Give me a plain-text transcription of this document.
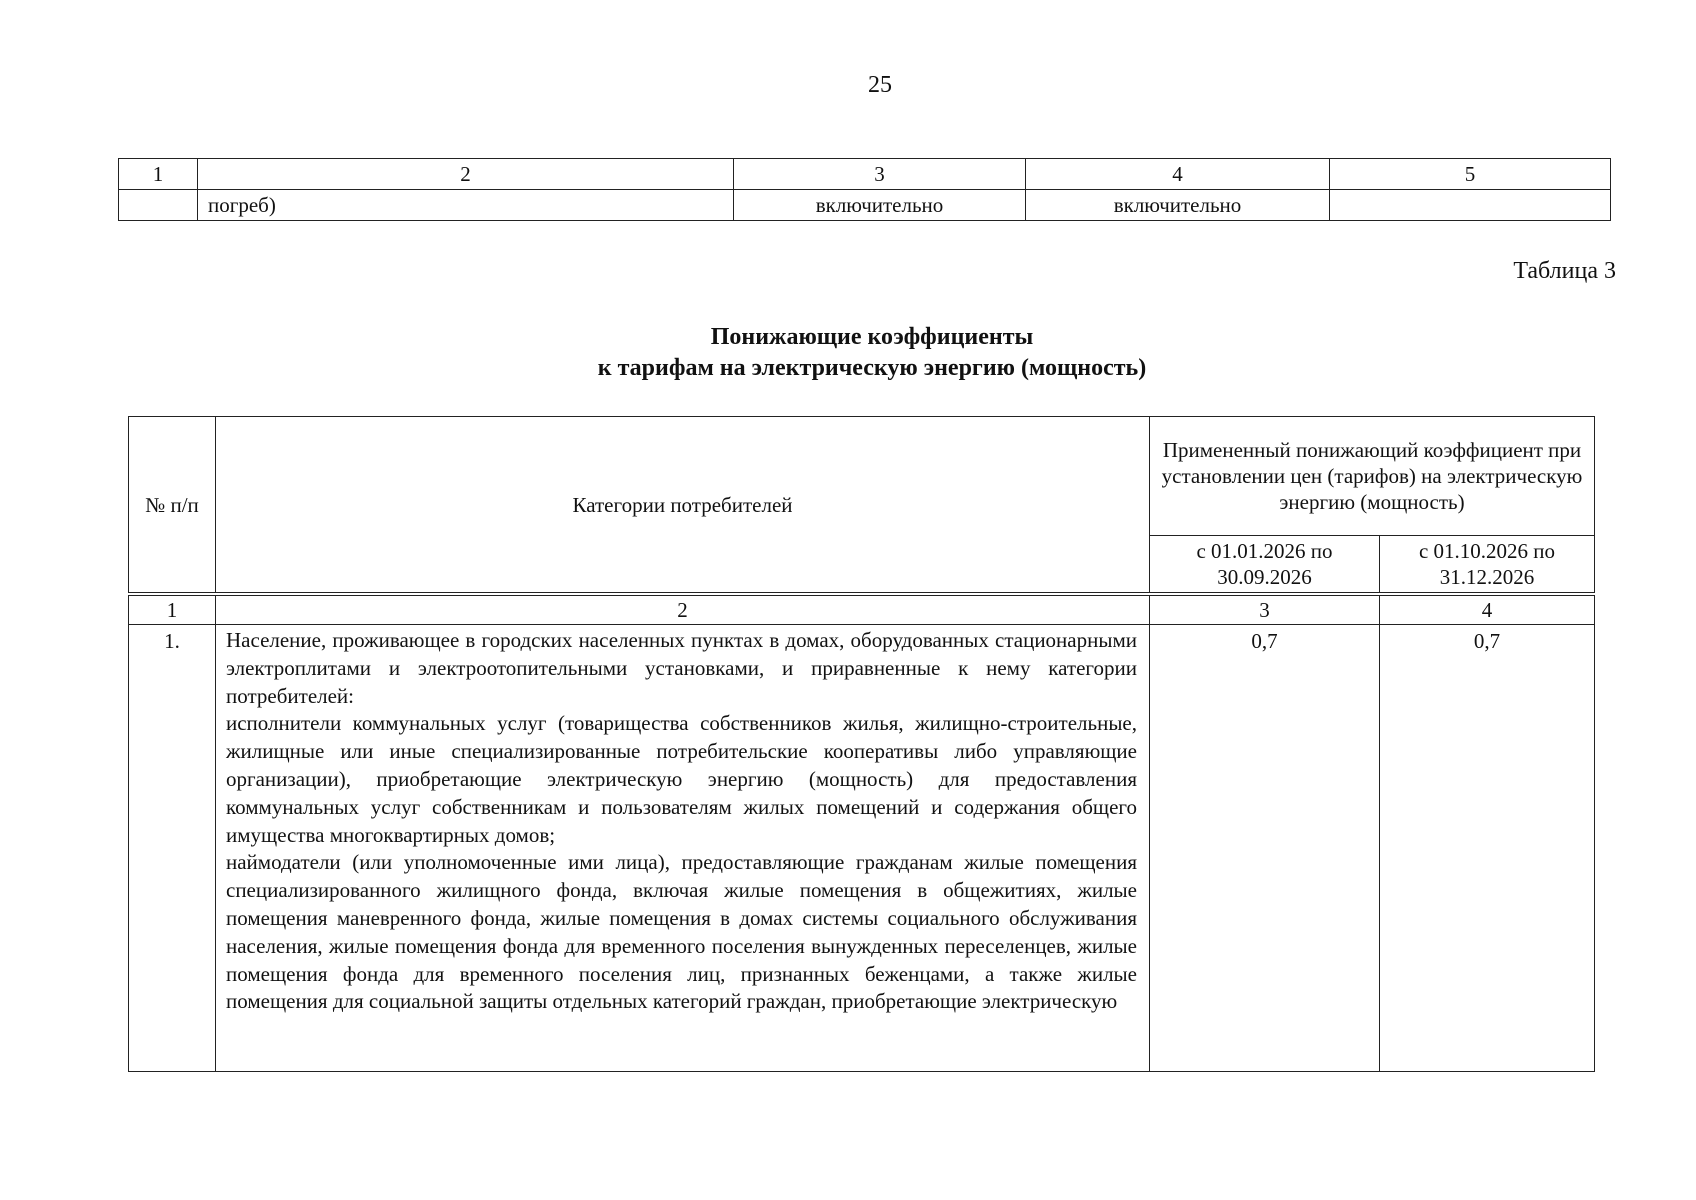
25
1	2	3	4	5
	погреб)	включительно	включительно	
Таблица 3
Понижающие коэффициенты
к тарифам на электрическую энергию (мощность)
№ п/п	Категории потребителей	Примененный понижающий коэффициент при установлении цен (тарифов) на электрическую энергию (мощность)	
		с 01.01.2026 по 30.09.2026	с 01.10.2026 по 31.12.2026
1	2	3	4
1.	Население, проживающее в городских населенных пунктах в домах, оборудованных стационарными электроплитами и электроотопительными установками, и приравненные к нему категории потребителей:

исполнители коммунальных услуг (товарищества собственников жилья, жилищно-строительные, жилищные или иные специализированные потребительские кооперативы либо управляющие организации), приобретающие электрическую энергию (мощность) для предоставления коммунальных услуг собственникам и пользователям жилых помещений и содержания общего имущества многоквартирных домов;

наймодатели (или уполномоченные ими лица), предоставляющие гражданам жилые помещения специализированного жилищного фонда, включая жилые помещения в общежитиях, жилые помещения маневренного фонда, жилые помещения в домах системы социального обслуживания населения, жилые помещения фонда для временного поселения вынужденных переселенцев, жилые помещения фонда для временного поселения лиц, признанных беженцами, а также жилые помещения для социальной защиты отдельных категорий граждан, приобретающие электрическую	0,7	0,7
